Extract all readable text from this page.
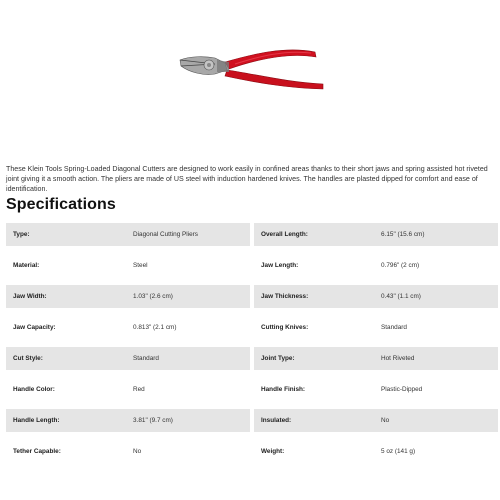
These Klein Tools Spring-Loaded Diagonal Cutters are designed to work easily in confined areas thanks to their short jaws and spring assisted hot riveted joint giving it a smooth action. The pliers are made of US steel with induction hardened knives. The handles are plasted dipped for comfort and ease of identification.

Specifications
Type:	Diagonal Cutting Pliers	Overall Length:	6.15" (15.6 cm)
Material:	Steel	Jaw Length:	0.796" (2 cm)
Jaw Width:	1.03" (2.6 cm)	Jaw Thickness:	0.43" (1.1 cm)
Jaw Capacity:	0.813" (2.1 cm)	Cutting Knives:	Standard
Cut Style:	Standard	Joint Type:	Hot Riveted
Handle Color:	Red	Handle Finish:	Plastic-Dipped
Handle Length:	3.81" (9.7 cm)	Insulated:	No
Tether Capable:	No	Weight:	5 oz (141 g)
